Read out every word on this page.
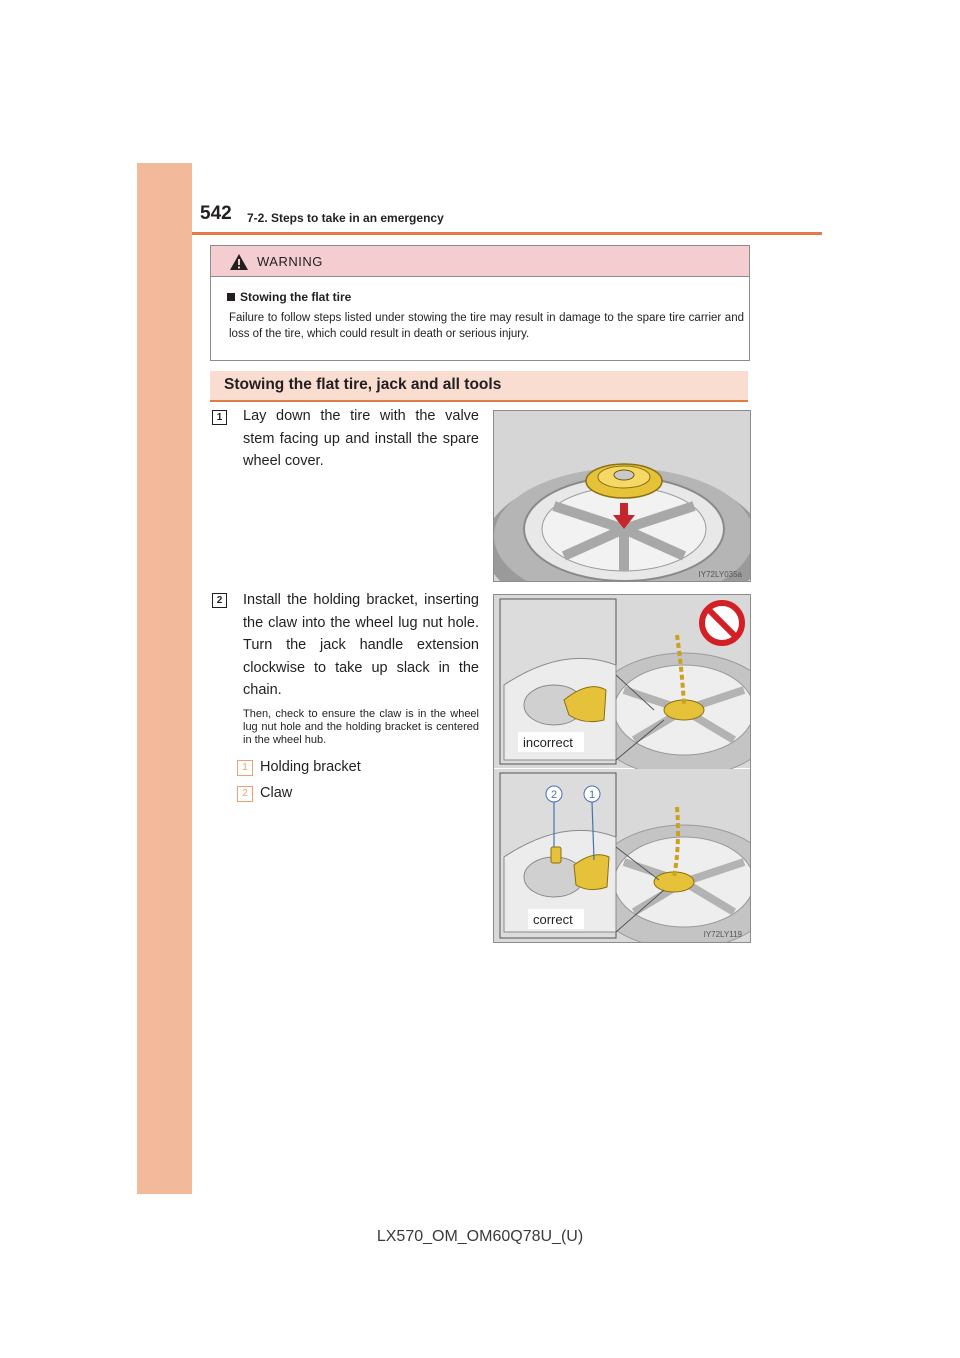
542 7-2. Steps to take in an emergency
WARNING
Stowing the flat tire
Failure to follow steps listed under stowing the tire may result in damage to the spare tire carrier and loss of the tire, which could result in death or serious injury.
Stowing the flat tire, jack and all tools
1	Lay down the tire with the valve stem facing up and install the spare wheel cover.
IY72LY035a
2	Install the holding bracket, inserting the claw into the wheel lug nut hole. Turn the jack handle extension clockwise to take up slack in the chain.
Then, check to ensure the claw is in the wheel lug nut hole and the holding bracket is centered in the wheel hub.
1 Holding bracket
2 Claw
incorrect
2	1
correct
IY72LY119
LX570_OM_OM60Q78U_(U)
